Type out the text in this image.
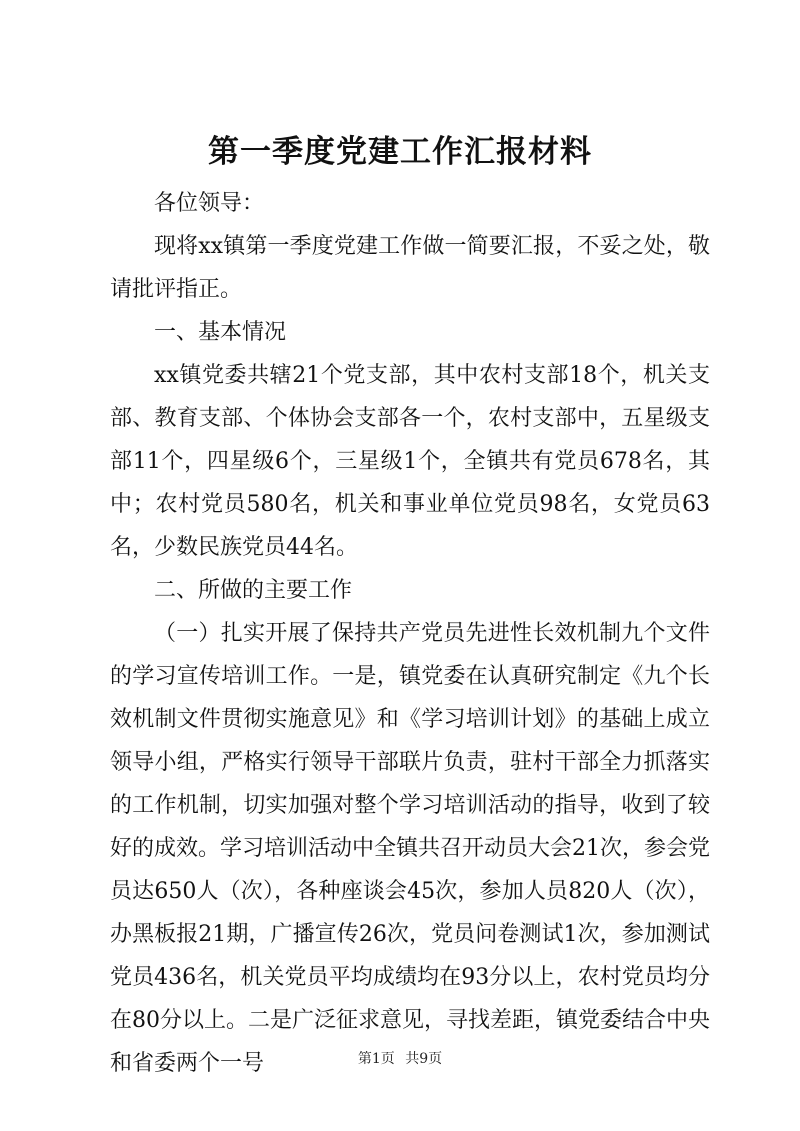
第一季度党建工作汇报材料

各位领导：

现将xx镇第一季度党建工作做一简要汇报，不妥之处，敬请批评指正。

一、基本情况

xx镇党委共辖21个党支部，其中农村支部18个，机关支部、教育支部、个体协会支部各一个，农村支部中，五星级支部11个，四星级6个，三星级1个，全镇共有党员678名，其中；农村党员580名，机关和事业单位党员98名，女党员63名，少数民族党员44名。

二、所做的主要工作

（一）扎实开展了保持共产党员先进性长效机制九个文件的学习宣传培训工作。一是，镇党委在认真研究制定《九个长效机制文件贯彻实施意见》和《学习培训计划》的基础上成立领导小组，严格实行领导干部联片负责，驻村干部全力抓落实的工作机制，切实加强对整个学习培训活动的指导，收到了较好的成效。学习培训活动中全镇共召开动员大会21次，参会党员达650人（次），各种座谈会45次，参加人员820人（次），办黑板报21期，广播宣传26次，党员问卷测试1次，参加测试党员436名，机关党员平均成绩均在93分以上，农村党员均分在80分以上。二是广泛征求意见，寻找差距，镇党委结合中央和省委两个一号	第1页 共9页
